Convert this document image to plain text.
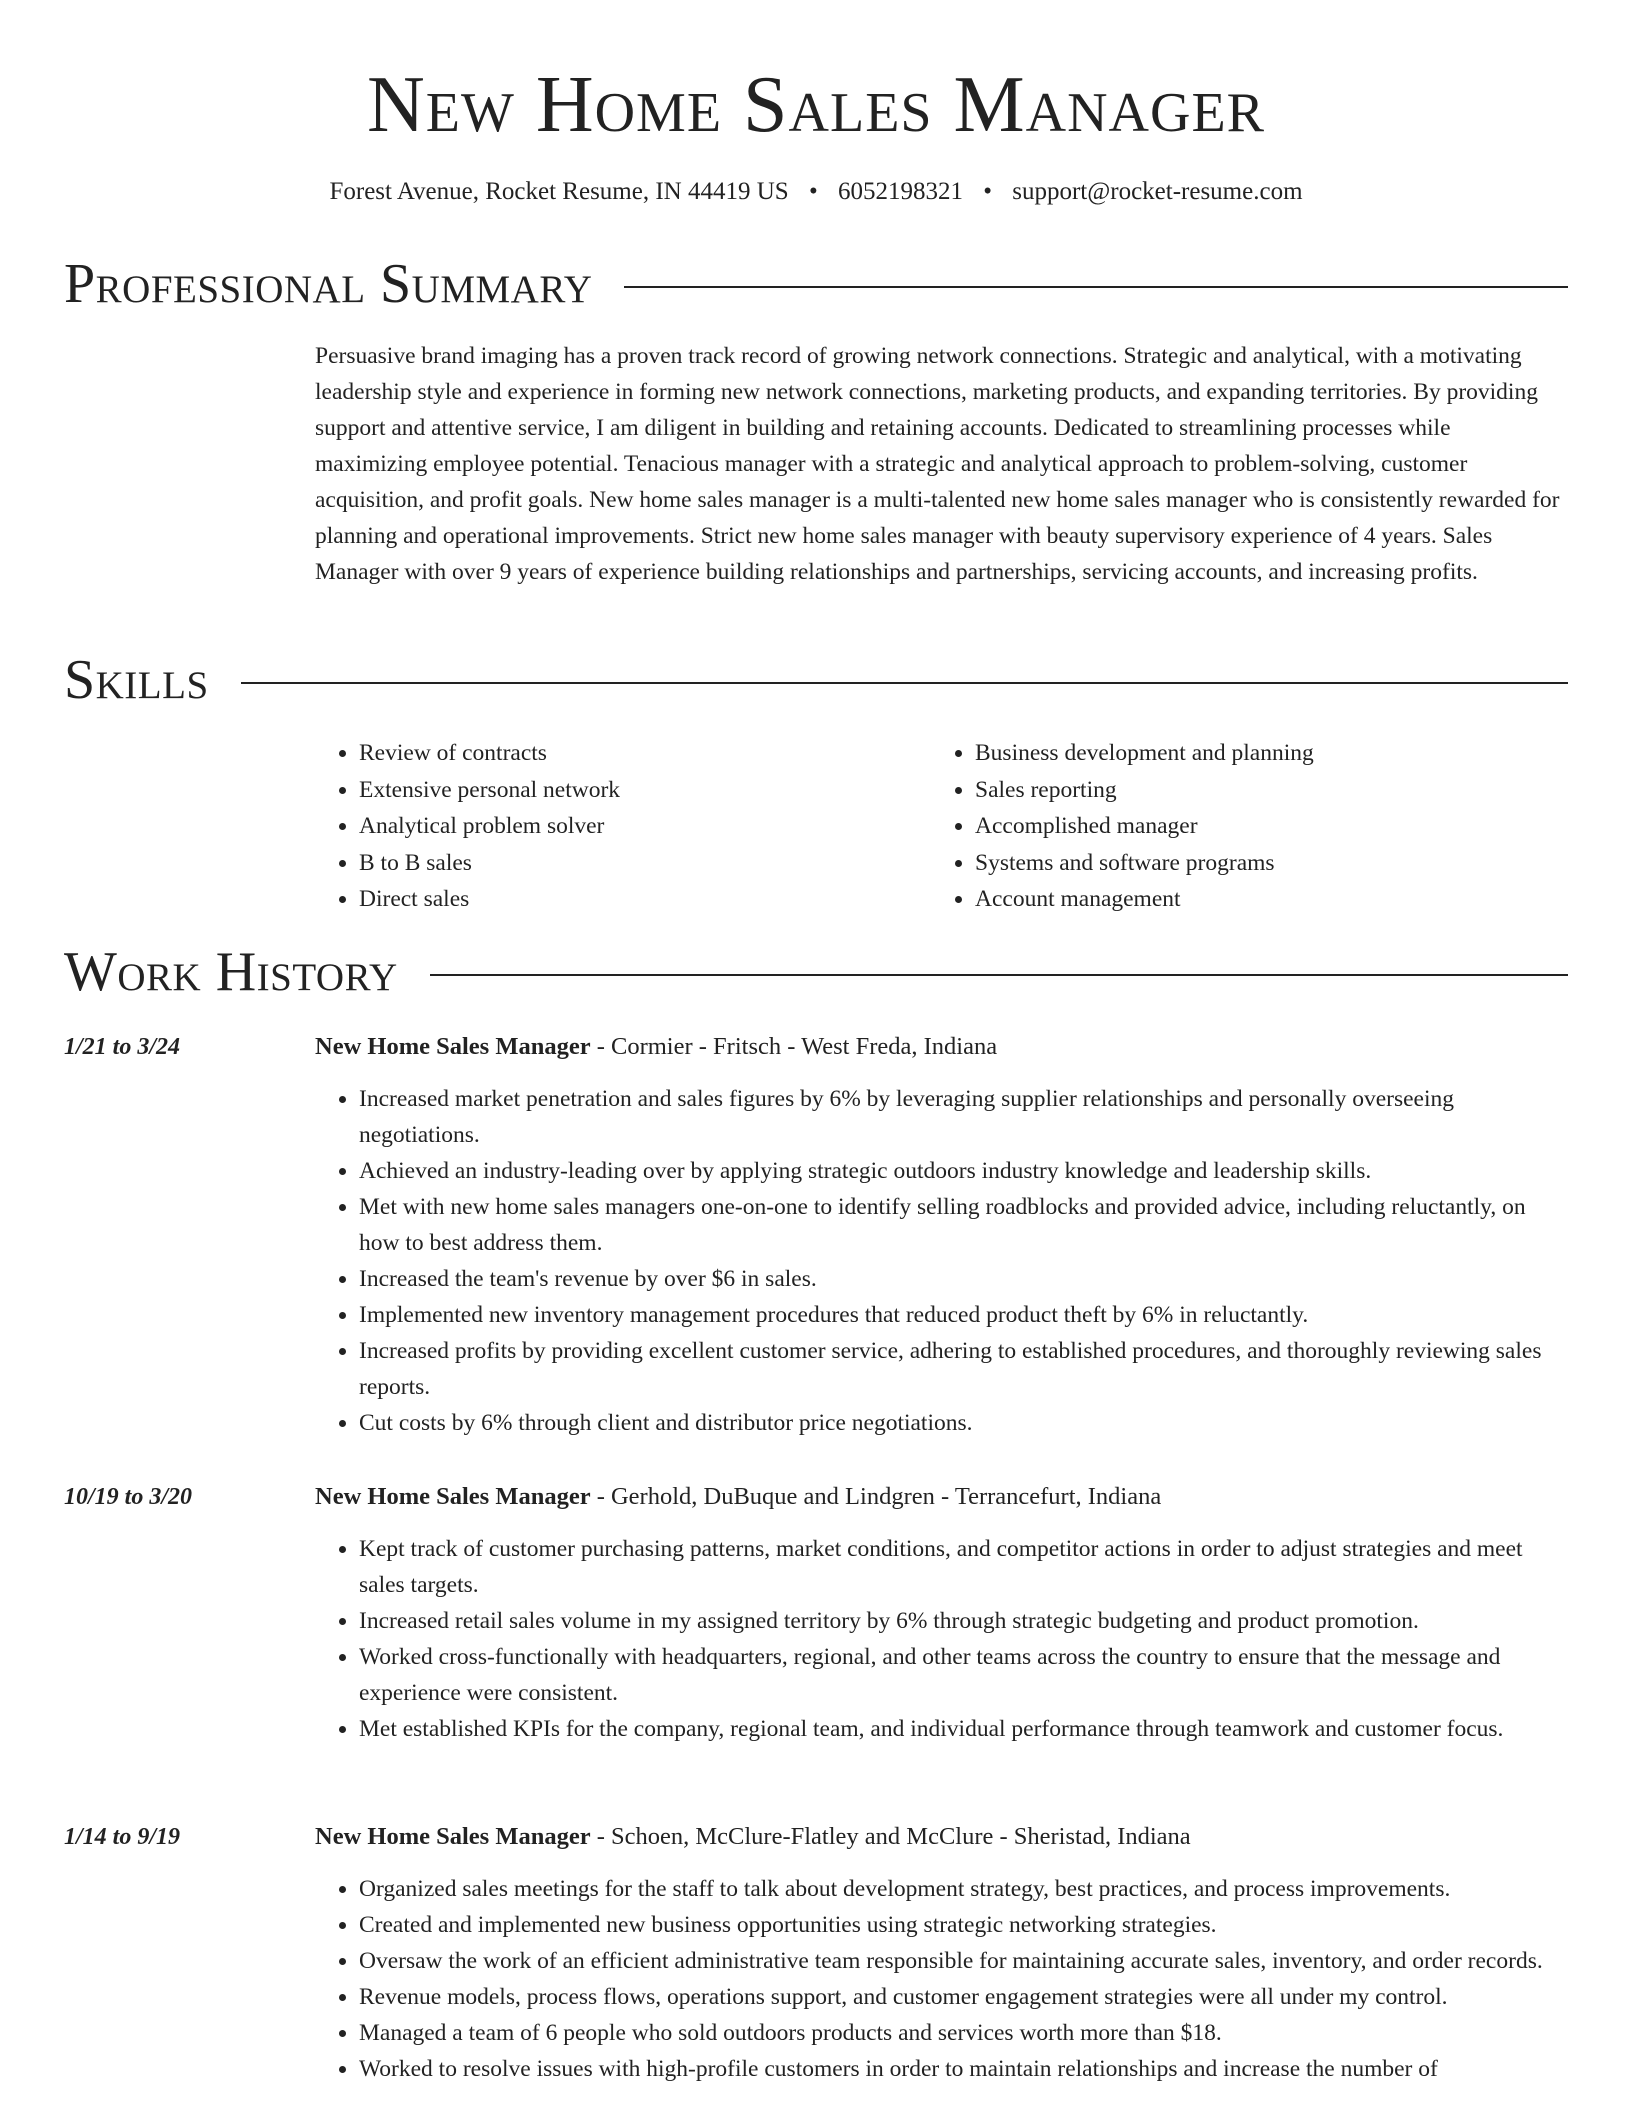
New Home Sales Manager
Forest Avenue, Rocket Resume, IN 44419 US • 6052198321 • support@rocket-resume.com
Professional Summary

Persuasive brand imaging has a proven track record of growing network connections. Strategic and analytical, with a motivating leadership style and experience in forming new network connections, marketing products, and expanding territories. By providing support and attentive service, I am diligent in building and retaining accounts. Dedicated to streamlining processes while maximizing employee potential. Tenacious manager with a strategic and analytical approach to problem-solving, customer acquisition, and profit goals. New home sales manager is a multi-talented new home sales manager who is consistently rewarded for planning and operational improvements. Strict new home sales manager with beauty supervisory experience of 4 years. Sales Manager with over 9 years of experience building relationships and partnerships, servicing accounts, and increasing profits.

Skills
• Review of contracts
• Extensive personal network
• Analytical problem solver
• B to B sales
• Direct sales
• Business development and planning
• Sales reporting
• Accomplished manager
• Systems and software programs
• Account management
Work History
1/21 to 3/24	New Home Sales Manager - Cormier - Fritsch - West Freda, Indiana
• Increased market penetration and sales figures by 6% by leveraging supplier relationships and personally overseeing negotiations.
• Achieved an industry-leading over by applying strategic outdoors industry knowledge and leadership skills.
• Met with new home sales managers one-on-one to identify selling roadblocks and provided advice, including reluctantly, on how to best address them.
• Increased the team's revenue by over $6 in sales.
• Implemented new inventory management procedures that reduced product theft by 6% in reluctantly.
• Increased profits by providing excellent customer service, adhering to established procedures, and thoroughly reviewing sales reports.
• Cut costs by 6% through client and distributor price negotiations.
10/19 to 3/20	New Home Sales Manager - Gerhold, DuBuque and Lindgren - Terrancefurt, Indiana
• Kept track of customer purchasing patterns, market conditions, and competitor actions in order to adjust strategies and meet sales targets.
• Increased retail sales volume in my assigned territory by 6% through strategic budgeting and product promotion.
• Worked cross-functionally with headquarters, regional, and other teams across the country to ensure that the message and experience were consistent.
• Met established KPIs for the company, regional team, and individual performance through teamwork and customer focus.
1/14 to 9/19	New Home Sales Manager - Schoen, McClure-Flatley and McClure - Sheristad, Indiana
• Organized sales meetings for the staff to talk about development strategy, best practices, and process improvements.
• Created and implemented new business opportunities using strategic networking strategies.
• Oversaw the work of an efficient administrative team responsible for maintaining accurate sales, inventory, and order records.
• Revenue models, process flows, operations support, and customer engagement strategies were all under my control.
• Managed a team of 6 people who sold outdoors products and services worth more than $18.
• Worked to resolve issues with high-profile customers in order to maintain relationships and increase the number of
